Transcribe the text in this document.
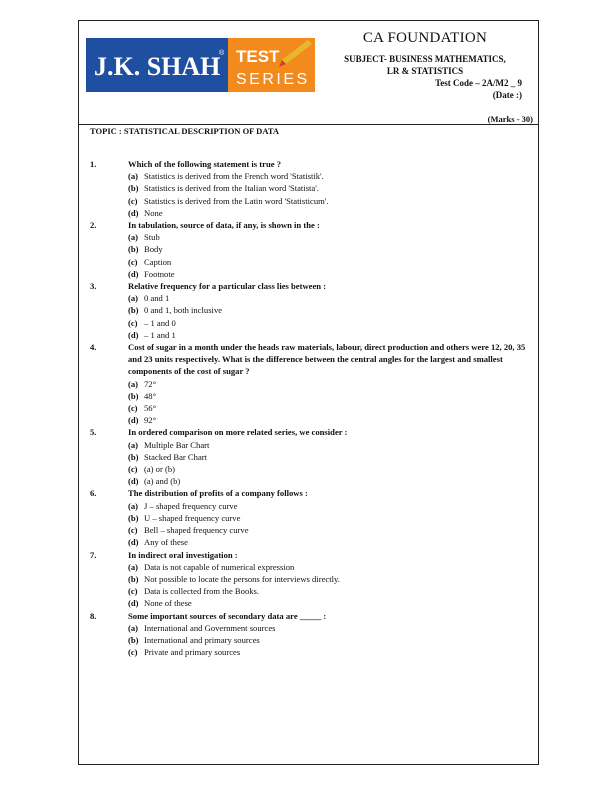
J.K. SHAH
® TEST
SERIES
CA FOUNDATION
SUBJECT- BUSINESS MATHEMATICS,
LR & STATISTICS
Test Code – 2A/M2 _ 9
(Date :)
(Marks - 30)
TOPIC : STATISTICAL DESCRIPTION OF DATA
1.	Which of the following statement is true ?
(a) Statistics is derived from the French word 'Statistik'.
(b) Statistics is derived from the Italian word 'Statista'.
(c) Statistics is derived from the Latin word 'Statisticum'.
(d) None
2.	In tabulation, source of data, if any, is shown in the :
(a) Stub
(b) Body
(c) Caption
(d) Footnote
3.	Relative frequency for a particular class lies between :
(a) 0 and 1
(b) 0 and 1, both inclusive
(c) – 1 and 0
(d) – 1 and 1
4.	Cost of sugar in a month under the heads raw materials, labour, direct production and others were 12, 20, 35 and 23 units respectively. What is the difference between the central angles for the largest and smallest components of the cost of sugar ?
(a) 72°
(b) 48°
(c) 56°
(d) 92°
5.	In ordered comparison on more related series, we consider :
(a) Multiple Bar Chart
(b) Stacked Bar Chart
(c) (a) or (b)
(d) (a) and (b)
6.	The distribution of profits of a company follows :
(a) J – shaped frequency curve
(b) U – shaped frequency curve
(c) Bell – shaped frequency curve
(d) Any of these
7.	In indirect oral investigation :
(a) Data is not capable of numerical expression
(b) Not possible to locate the persons for interviews directly.
(c) Data is collected from the Books.
(d) None of these
8.	Some important sources of secondary data are _____ :
(a) International and Government sources
(b) International and primary sources
(c) Private and primary sources
